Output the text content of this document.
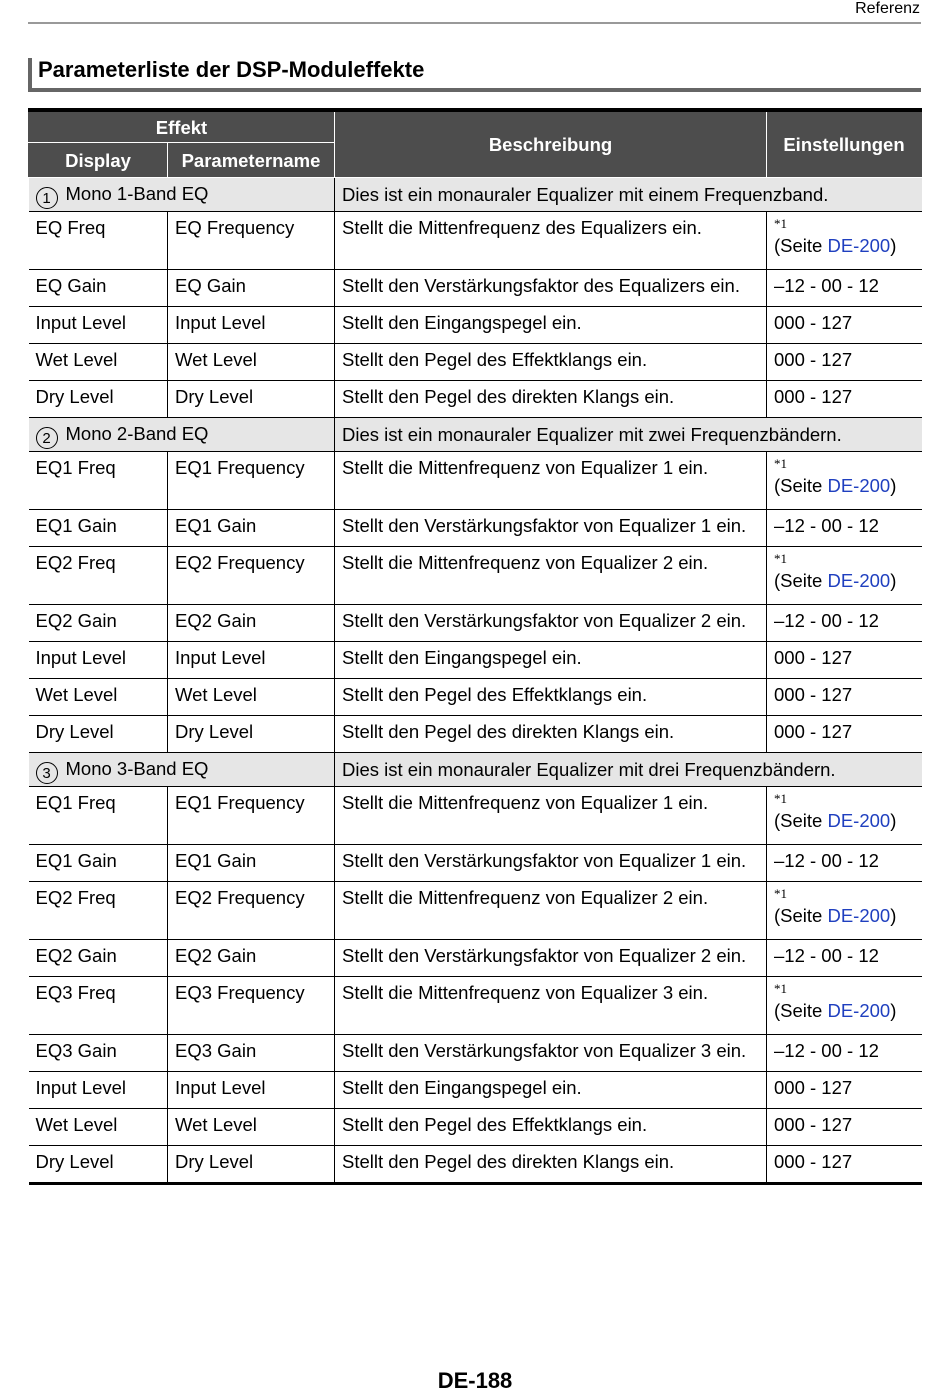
Referenz
Parameterliste der DSP-Moduleffekte
Effekt		Beschreibung	Einstellungen
Display	Parametername		
1 Mono 1-Band EQ		Dies ist ein monauraler Equalizer mit einem Frequenzband.	
EQ Freq	EQ Frequency	Stellt die Mittenfrequenz des Equalizers ein.	*1
(Seite DE-200)

EQ Gain	EQ Gain	Stellt den Verstärkungsfaktor des Equalizers ein.	–12 - 00 - 12
Input Level	Input Level	Stellt den Eingangspegel ein.	000 - 127
Wet Level	Wet Level	Stellt den Pegel des Effektklangs ein.	000 - 127
Dry Level	Dry Level	Stellt den Pegel des direkten Klangs ein.	000 - 127
2 Mono 2-Band EQ		Dies ist ein monauraler Equalizer mit zwei Frequenzbändern.	
EQ1 Freq	EQ1 Frequency	Stellt die Mittenfrequenz von Equalizer 1 ein.	*1
(Seite DE-200)

EQ1 Gain	EQ1 Gain	Stellt den Verstärkungsfaktor von Equalizer 1 ein.	–12 - 00 - 12
EQ2 Freq	EQ2 Frequency	Stellt die Mittenfrequenz von Equalizer 2 ein.	*1
(Seite DE-200)

EQ2 Gain	EQ2 Gain	Stellt den Verstärkungsfaktor von Equalizer 2 ein.	–12 - 00 - 12
Input Level	Input Level	Stellt den Eingangspegel ein.	000 - 127
Wet Level	Wet Level	Stellt den Pegel des Effektklangs ein.	000 - 127
Dry Level	Dry Level	Stellt den Pegel des direkten Klangs ein.	000 - 127
3 Mono 3-Band EQ		Dies ist ein monauraler Equalizer mit drei Frequenzbändern.	
EQ1 Freq	EQ1 Frequency	Stellt die Mittenfrequenz von Equalizer 1 ein.	*1
(Seite DE-200)

EQ1 Gain	EQ1 Gain	Stellt den Verstärkungsfaktor von Equalizer 1 ein.	–12 - 00 - 12
EQ2 Freq	EQ2 Frequency	Stellt die Mittenfrequenz von Equalizer 2 ein.	*1
(Seite DE-200)

EQ2 Gain	EQ2 Gain	Stellt den Verstärkungsfaktor von Equalizer 2 ein.	–12 - 00 - 12
EQ3 Freq	EQ3 Frequency	Stellt die Mittenfrequenz von Equalizer 3 ein.	*1
(Seite DE-200)

EQ3 Gain	EQ3 Gain	Stellt den Verstärkungsfaktor von Equalizer 3 ein.	–12 - 00 - 12
Input Level	Input Level	Stellt den Eingangspegel ein.	000 - 127
Wet Level	Wet Level	Stellt den Pegel des Effektklangs ein.	000 - 127
Dry Level	Dry Level	Stellt den Pegel des direkten Klangs ein.	000 - 127
DE-188
